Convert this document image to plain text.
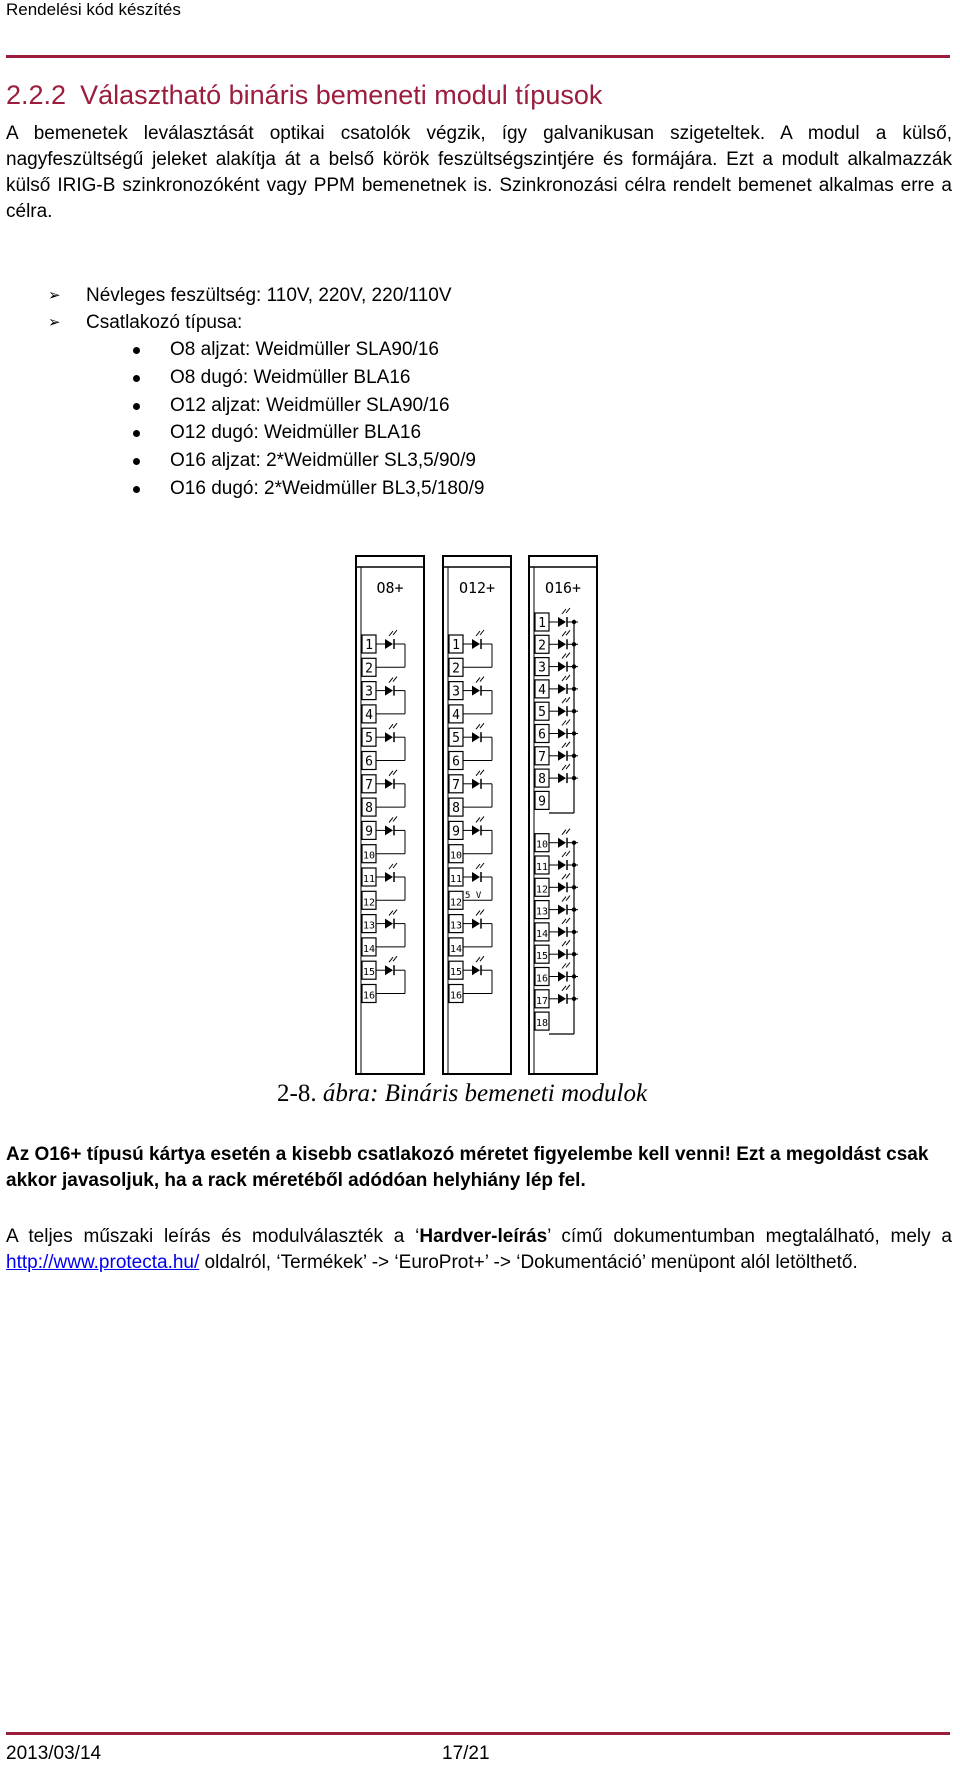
Rendelési kód készítés
2.2.2 Választható bináris bemeneti modul típusok
A bemenetek leválasztását optikai csatolók végzik, így galvanikusan szigeteltek. A modul a külső, nagyfeszültségű jeleket alakítja át a belső körök feszültségszintjére és formájára. Ezt a modult alkalmazzák külső IRIG-B szinkronozóként vagy PPM bemenetnek is. Szinkronozási célra rendelt bemenet alkalmas erre a célra.
➢ Névleges feszültség: 110V, 220V, 220/110V
➢ Csatlakozó típusa:
O8 aljzat: Weidmüller SLA90/16
O8 dugó: Weidmüller BLA16
O12 aljzat: Weidmüller SLA90/16
O12 dugó: Weidmüller BLA16
O16 aljzat: 2*Weidmüller SL3,5/90/9
O16 dugó: 2*Weidmüller BL3,5/180/9
O8+
1
2
3
4
5
6
7
8
9
10
11
12
13
14
15
16
O12+
1
2
3
4
5
6
7
8
9
10
11
12
13
14
15
16
5 V
O16+
1
2
3
4
5
6
7
8
9
10
11
12
13
14
15
16
17
18
2-8. ábra: Bináris bemeneti modulok
Az O16+ típusú kártya esetén a kisebb csatlakozó méretet figyelembe kell venni! Ezt a megoldást csak akkor javasoljuk, ha a rack méretéből adódóan helyhiány lép fel.
A teljes műszaki leírás és modulválaszték a ‘Hardver-leírás’ című dokumentumban megtalálható, mely a http://www.protecta.hu/ oldalról, ‘Termékek’ -> ‘EuroProt+’ -> ‘Dokumentáció’ menüpont alól letölthető.
2013/03/14	17/21
